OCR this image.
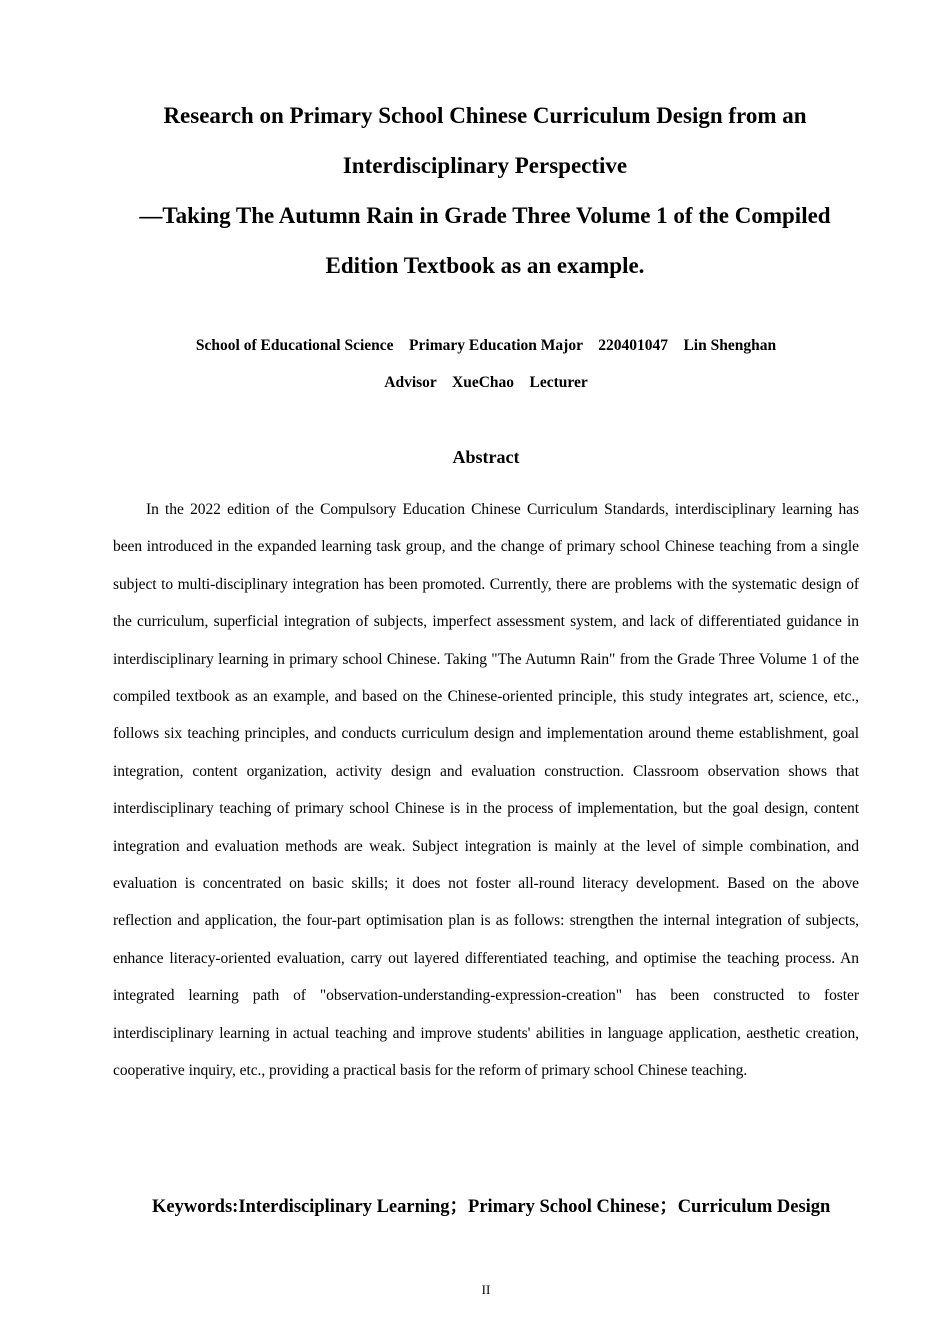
Research on Primary School Chinese Curriculum Design from an
Interdisciplinary Perspective
—Taking The Autumn Rain in Grade Three Volume 1 of the Compiled
Edition Textbook as an example.
School of Educational Science    Primary Education Major    220401047    Lin Shenghan
Advisor    XueChao    Lecturer
Abstract

In the 2022 edition of the Compulsory Education Chinese Curriculum Standards, interdisciplinary learning has been introduced in the expanded learning task group, and the change of primary school Chinese teaching from a single subject to multi-disciplinary integration has been promoted. Currently, there are problems with the systematic design of the curriculum, superficial integration of subjects, imperfect assessment system, and lack of differentiated guidance in interdisciplinary learning in primary school Chinese. Taking "The Autumn Rain" from the Grade Three Volume 1 of the compiled textbook as an example, and based on the Chinese-oriented principle, this study integrates art, science, etc., follows six teaching principles, and conducts curriculum design and implementation around theme establishment, goal integration, content organization, activity design and evaluation construction. Classroom observation shows that interdisciplinary teaching of primary school Chinese is in the process of implementation, but the goal design, content integration and evaluation methods are weak. Subject integration is mainly at the level of simple combination, and evaluation is concentrated on basic skills; it does not foster all-round literacy development. Based on the above reflection and application, the four-part optimisation plan is as follows: strengthen the internal integration of subjects, enhance literacy-oriented evaluation, carry out layered differentiated teaching, and optimise the teaching process. An integrated learning path of "observation-understanding-expression-creation" has been constructed to foster interdisciplinary learning in actual teaching and improve students' abilities in language application, aesthetic creation, cooperative inquiry, etc., providing a practical basis for the reform of primary school Chinese teaching.

Keywords:Interdisciplinary Learning；Primary School Chinese；Curriculum Design
II
